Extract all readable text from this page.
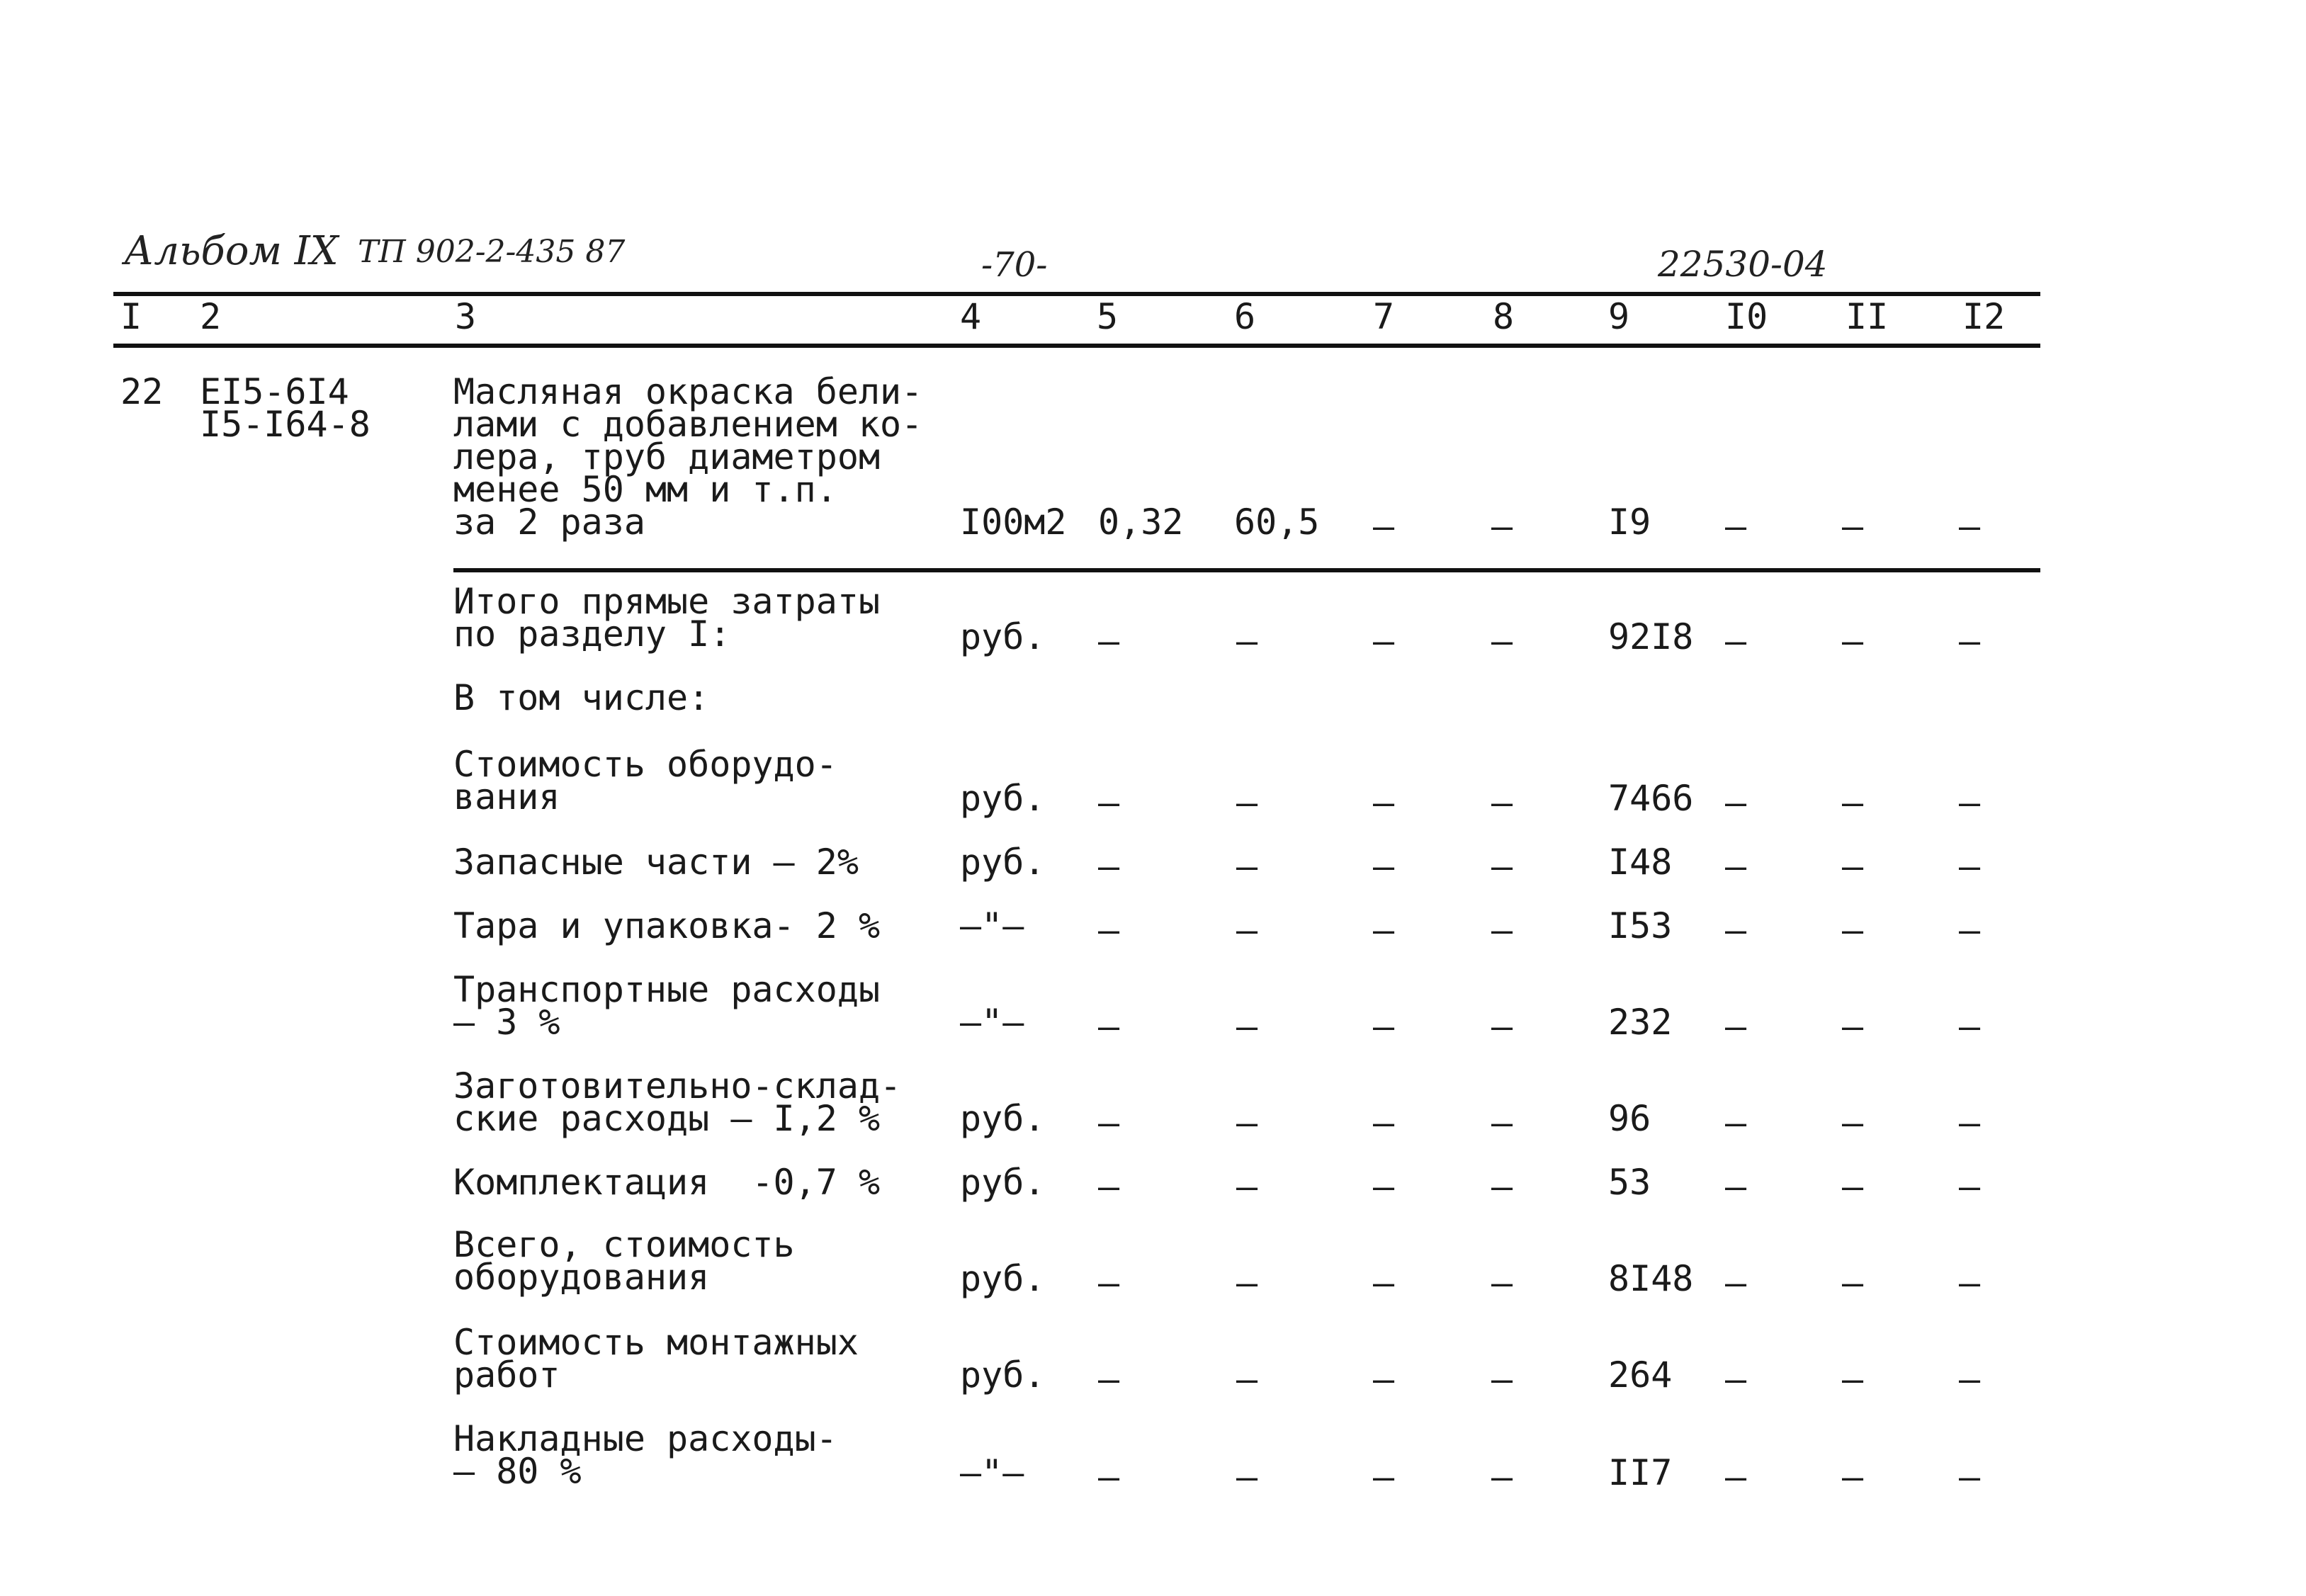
Альбом IX ТП 902-2-435 87	-70-	22530-04
I 2	3	4	5	6	7	8	9	I0 II I2
22 ЕI5-6I4
I5-I64-8
Масляная окраска бели-
лами с добавлением ко-
лера, труб диаметром
менее 50 мм и т.п.
за 2 раза	I00м2 0,32 60,5 –	–	I9 –	–	–
Итого прямые затраты
по разделу I:	руб. –	–	–	–	92I8 –	–	–
В том числе:
Стоимость оборудо-
вания	руб. –	–	–	–	7466 –	–	–
Запасные части – 2%	руб. –	–	–	–	I48 –	–	–
Тара и упаковка- 2 % –"– –	–	–	–	I53 –	–	–
Транспортные расходы
– 3 %	–"– –	–	–	–	232 –	–	–
Заготовительно-склад-
ские расходы – I,2 %	руб. –	–	–	–	96 –	–	–
Комплектация  -0,7 % руб. –	–	–	–	53 –	–	–
Всего, стоимость
оборудования	руб. –	–	–	–	8I48 –	–	–
Стоимость монтажных
работ	руб. –	–	–	–	264 –	–	–
Накладные расходы-
– 80 %	–"– –	–	–	–	II7 –	–	–
